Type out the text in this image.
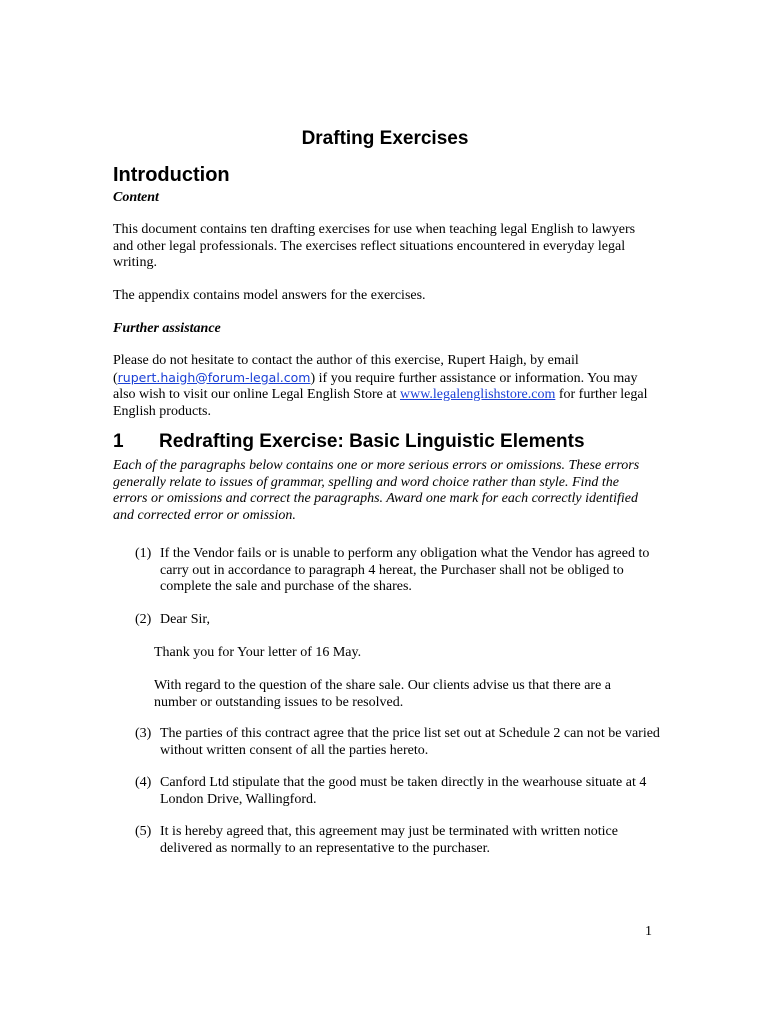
Drafting Exercises
Introduction
Content
This document contains ten drafting exercises for use when teaching legal English to lawyers and other legal professionals. The exercises reflect situations encountered in everyday legal writing.
The appendix contains model answers for the exercises.
Further assistance
Please do not hesitate to contact the author of this exercise, Rupert Haigh, by email (rupert.haigh@forum-legal.com) if you require further assistance or information. You may also wish to visit our online Legal English Store at www.legalenglishstore.com for further legal English products.
1 Redrafting Exercise: Basic Linguistic Elements
Each of the paragraphs below contains one or more serious errors or omissions. These errors generally relate to issues of grammar, spelling and word choice rather than style. Find the errors or omissions and correct the paragraphs. Award one mark for each correctly identified and corrected error or omission.
(1) If the Vendor fails or is unable to perform any obligation what the Vendor has agreed to carry out in accordance to paragraph 4 hereat, the Purchaser shall not be obliged to complete the sale and purchase of the shares.
(2) Dear Sir,
Thank you for Your letter of 16 May.
With regard to the question of the share sale. Our clients advise us that there are a number or outstanding issues to be resolved.
(3) The parties of this contract agree that the price list set out at Schedule 2 can not be varied without written consent of all the parties hereto.
(4) Canford Ltd stipulate that the good must be taken directly in the wearhouse situate at 4 London Drive, Wallingford.
(5) It is hereby agreed that, this agreement may just be terminated with written notice delivered as normally to an representative to the purchaser.
1
